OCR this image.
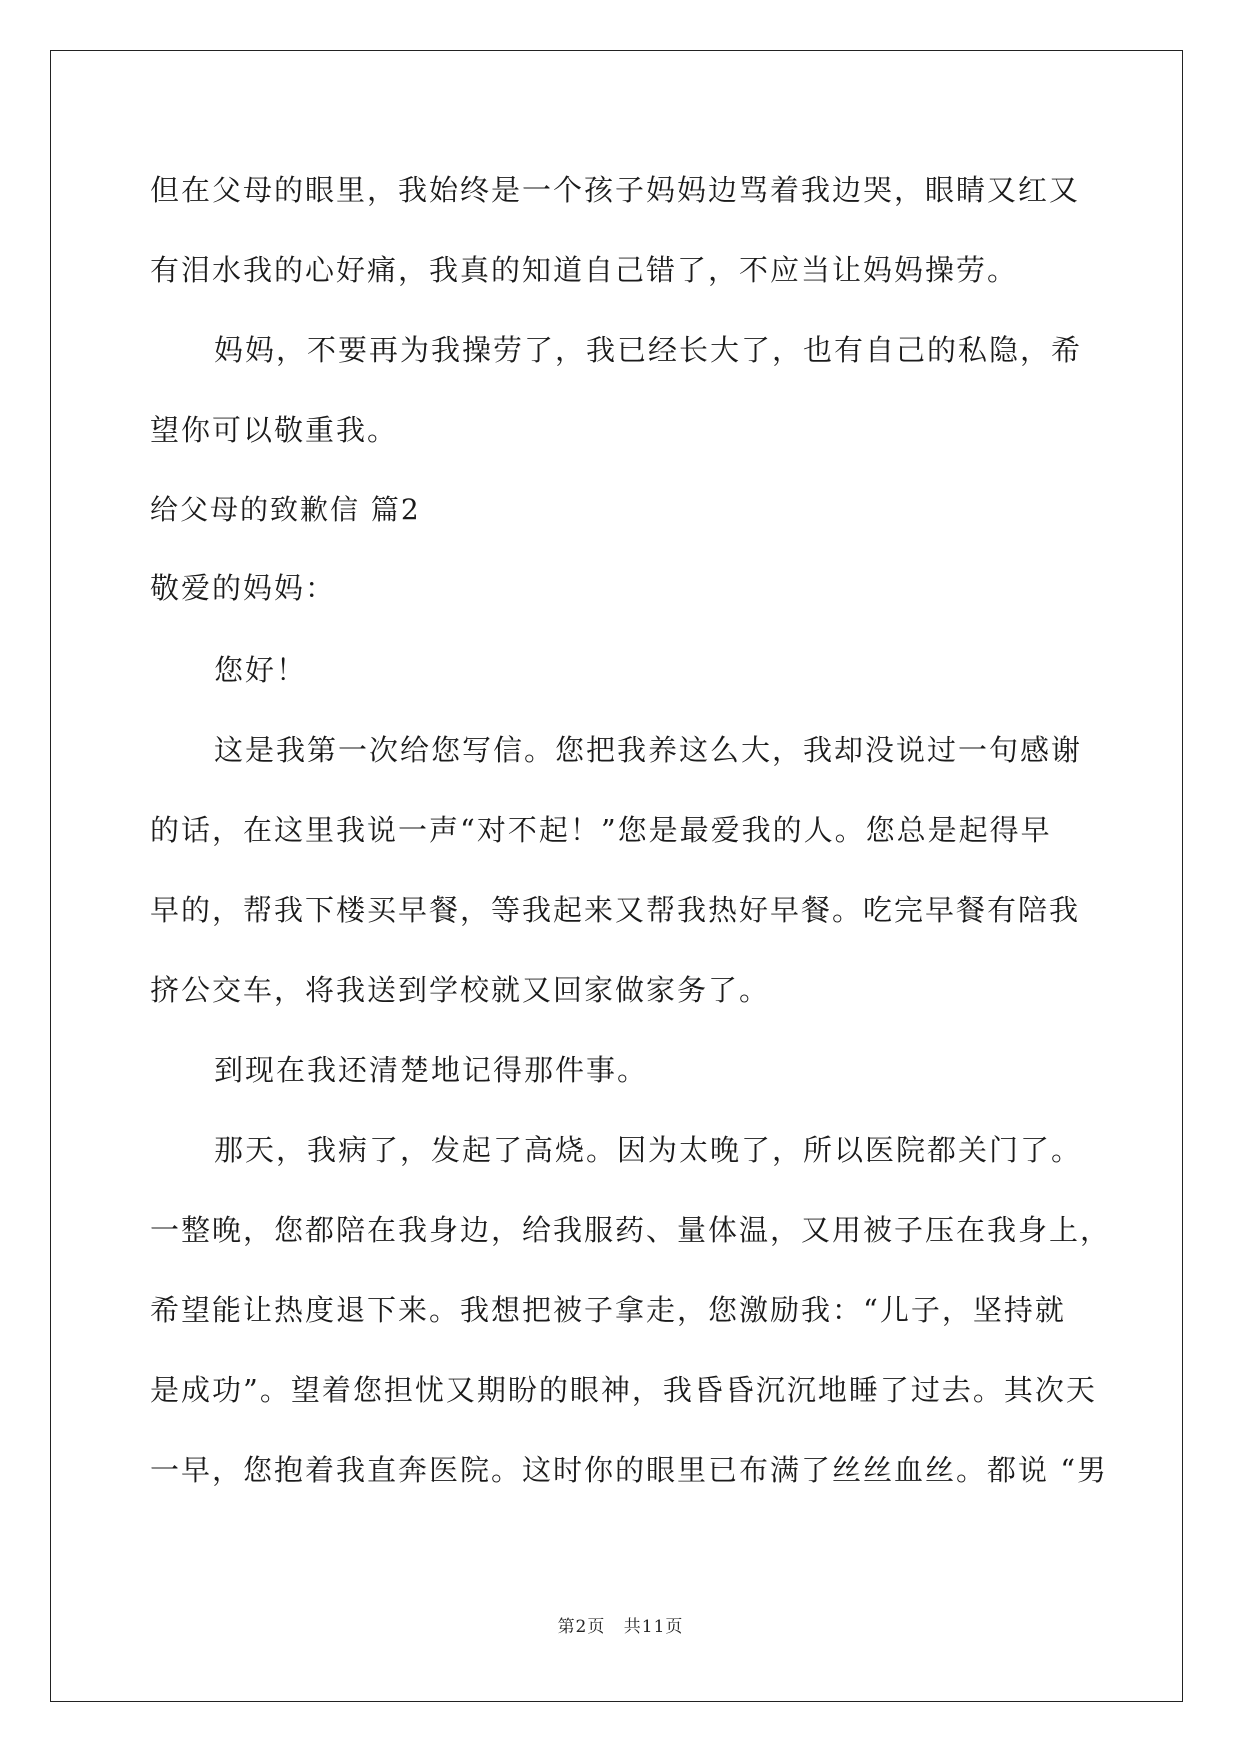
但在父母的眼里，我始终是一个孩子妈妈边骂着我边哭，眼睛又红又
有泪水我的心好痛，我真的知道自己错了，不应当让妈妈操劳。
妈妈，不要再为我操劳了，我已经长大了，也有自己的私隐，希
望你可以敬重我。
给父母的致歉信 篇2
敬爱的妈妈：
您好！
这是我第一次给您写信。您把我养这么大，我却没说过一句感谢
的话，在这里我说一声“对不起！”您是最爱我的人。您总是起得早
早的，帮我下楼买早餐，等我起来又帮我热好早餐。吃完早餐有陪我
挤公交车，将我送到学校就又回家做家务了。
到现在我还清楚地记得那件事。
那天，我病了，发起了高烧。因为太晚了，所以医院都关门了。
一整晚，您都陪在我身边，给我服药、量体温，又用被子压在我身上，
希望能让热度退下来。我想把被子拿走，您激励我：“儿子，坚持就
是成功”。望着您担忧又期盼的眼神，我昏昏沉沉地睡了过去。其次天
一早，您抱着我直奔医院。这时你的眼里已布满了丝丝血丝。都说 “男
第2页 共11页
